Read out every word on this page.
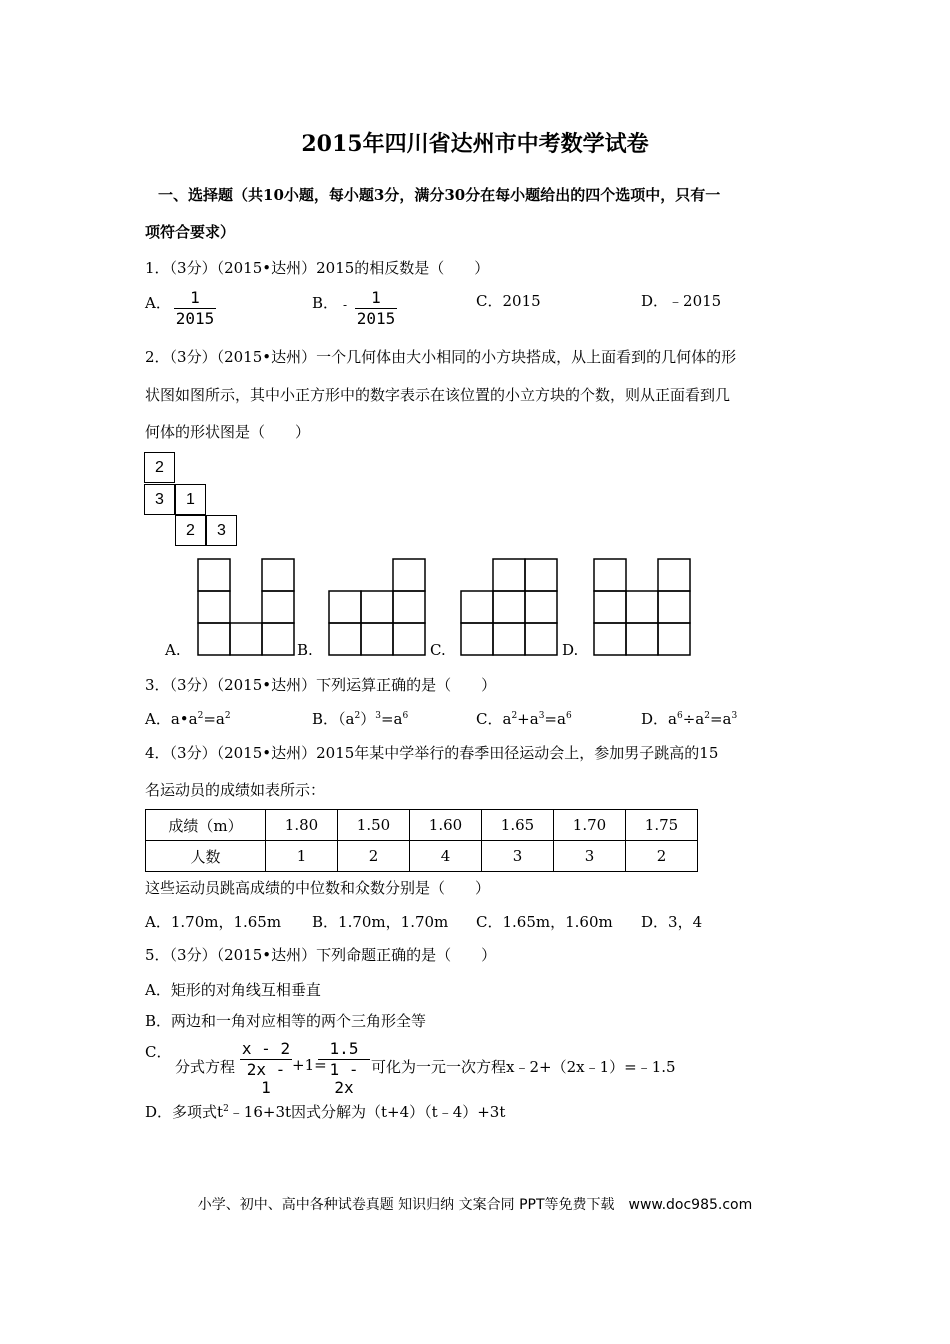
2015年四川省达州市中考数学试卷
一、选择题（共10小题，每小题3分，满分30分在每小题给出的四个选项中，只有一
项符合要求）
1．（3分）（2015•达州）2015的相反数是（　　）
A．	1
2015
B． -	1
2015
C．2015	D．﹣2015
2．（3分）（2015•达州）一个几何体由大小相同的小方块搭成，从上面看到的几何体的形
状图如图所示，其中小正方形中的数字表示在该位置的小立方块的个数，则从正面看到几
何体的形状图是（　　）
2
3	1
2	3
A.	B.	C.	D.
3．（3分）（2015•达州）下列运算正确的是（　　）
A．$a•a^2=a^2$	B．$(a^2)^3=a^6$	C．$a^2+a^3=a^6$	D．$a^6\div a^2=a^3$
4．（3分）（2015•达州）2015年某中学举行的春季田径运动会上，参加男子跳高的15
名运动员的成绩如表所示：
成绩（m）	1.80	1.50	1.60	1.65	1.70	1.75
人数	1	2	4	3	3	2
这些运动员跳高成绩的中位数和众数分别是（　　）
A．1.70m，1.65m B．1.70m，1.70m C．1.65m，1.60m D．3，4
5．（3分）（2015•达州）下列命题正确的是（　　）
A．矩形的对角线互相垂直
B．两边和一角对应相等的两个三角形全等
C．
分式方程
x - 2
2x - 1
+1=
1.5
1 - 2x
可化为一元一次方程x﹣2+（2x﹣1）=﹣1.5
D．多项式$t^2﹣16+3t$因式分解为（t+4）（t﹣4）+3t
小学、初中、高中各种试卷真题 知识归纳 文案合同 PPT等免费下载　www.doc985.com
